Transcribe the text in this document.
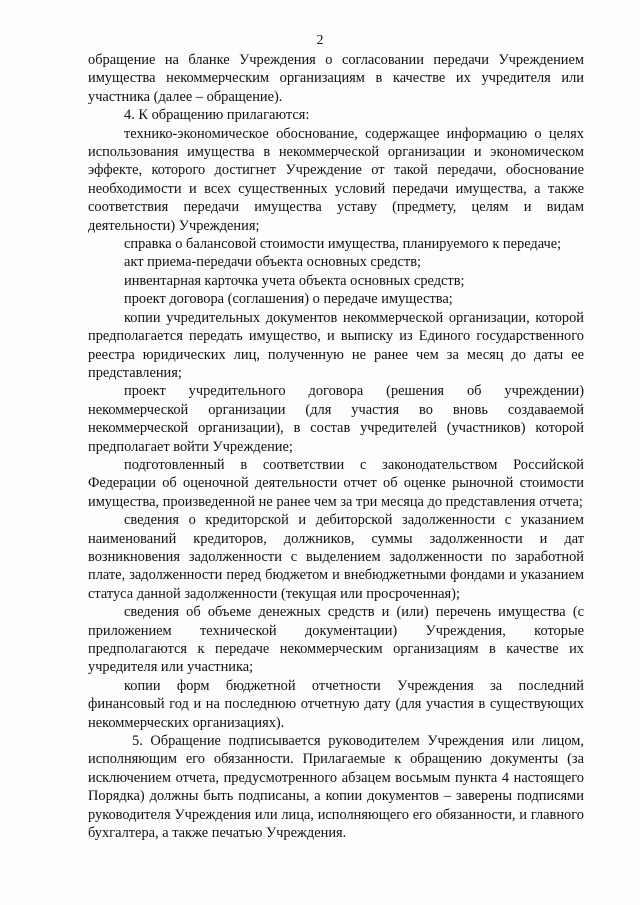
2

обращение на бланке Учреждения о согласовании передачи Учреждением имущества некоммерческим организациям в качестве их учредителя или участника (далее – обращение).

4. К обращению прилагаются:

технико-экономическое обоснование, содержащее информацию о целях использования имущества в некоммерческой организации и экономическом эффекте, которого достигнет Учреждение от такой передачи, обоснование необходимости и всех существенных условий передачи имущества, а также соответствия передачи имущества уставу (предмету, целям и видам деятельности) Учреждения;

справка о балансовой стоимости имущества, планируемого к передаче;

акт приема-передачи объекта основных средств;

инвентарная карточка учета объекта основных средств;

проект договора (соглашения) о передаче имущества;

копии учредительных документов некоммерческой организации, которой предполагается передать имущество, и выписку из Единого государственного реестра юридических лиц, полученную не ранее чем за месяц до даты ее представления;

проект учредительного договора (решения об учреждении) некоммерческой организации (для участия во вновь создаваемой некоммерческой организации), в состав учредителей (участников) которой предполагает войти Учреждение;

подготовленный в соответствии с законодательством Российской Федерации об оценочной деятельности отчет об оценке рыночной стоимости имущества, произведенной не ранее чем за три месяца до представления отчета;

сведения о кредиторской и дебиторской задолженности с указанием наименований кредиторов, должников, суммы задолженности и дат возникновения задолженности с выделением задолженности по заработной плате, задолженности перед бюджетом и внебюджетными фондами и указанием статуса данной задолженности (текущая или просроченная);

сведения об объеме денежных средств и (или) перечень имущества (с приложением технической документации) Учреждения, которые предполагаются к передаче некоммерческим организациям в качестве их учредителя или участника;

копии форм бюджетной отчетности Учреждения за последний финансовый год и на последнюю отчетную дату (для участия в существующих некоммерческих организациях).

5. Обращение подписывается руководителем Учреждения или лицом, исполняющим его обязанности. Прилагаемые к обращению документы (за исключением отчета, предусмотренного абзацем восьмым пункта 4 настоящего Порядка) должны быть подписаны, а копии документов – заверены подписями руководителя Учреждения или лица, исполняющего его обязанности, и главного бухгалтера, а также печатью Учреждения.
